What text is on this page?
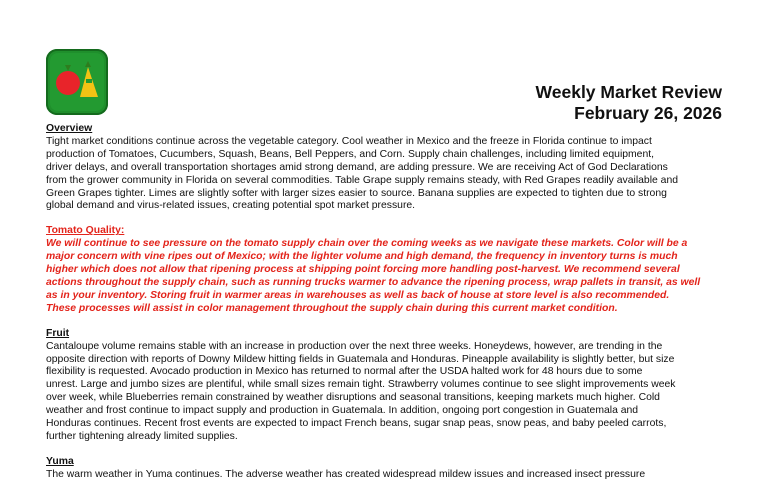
Weekly Market Review
February 26, 2026
Overview
Tight market conditions continue across the vegetable category. Cool weather in Mexico and the freeze in Florida continue to impact
production of Tomatoes, Cucumbers, Squash, Beans, Bell Peppers, and Corn. Supply chain challenges, including limited equipment,
driver delays, and overall transportation shortages amid strong demand, are adding pressure. We are receiving Act of God Declarations
from the grower community in Florida on several commodities. Table Grape supply remains steady, with Red Grapes readily available and
Green Grapes tighter. Limes are slightly softer with larger sizes easier to source. Banana supplies are expected to tighten due to strong
global demand and virus-related issues, creating potential spot market pressure.
Tomato Quality:
We will continue to see pressure on the tomato supply chain over the coming weeks as we navigate these markets. Color will be a
major concern with vine ripes out of Mexico; with the lighter volume and high demand, the frequency in inventory turns is much
higher which does not allow that ripening process at shipping point forcing more handling post-harvest. We recommend several
actions throughout the supply chain, such as running trucks warmer to advance the ripening process, wrap pallets in transit, as well
as in your inventory. Storing fruit in warmer areas in warehouses as well as back of house at store level is also recommended.
These processes will assist in color management throughout the supply chain during this current market condition.
Fruit
Cantaloupe volume remains stable with an increase in production over the next three weeks. Honeydews, however, are trending in the
opposite direction with reports of Downy Mildew hitting fields in Guatemala and Honduras. Pineapple availability is slightly better, but size
flexibility is requested. Avocado production in Mexico has returned to normal after the USDA halted work for 48 hours due to some
unrest. Large and jumbo sizes are plentiful, while small sizes remain tight. Strawberry volumes continue to see slight improvements week
over week, while Blueberries remain constrained by weather disruptions and seasonal transitions, keeping markets much higher. Cold
weather and frost continue to impact supply and production in Guatemala. In addition, ongoing port congestion in Guatemala and
Honduras continues. Recent frost events are expected to impact French beans, sugar snap peas, snow peas, and baby peeled carrots,
further tightening already limited supplies.
Yuma
The warm weather in Yuma continues. The adverse weather has created widespread mildew issues and increased insect pressure
